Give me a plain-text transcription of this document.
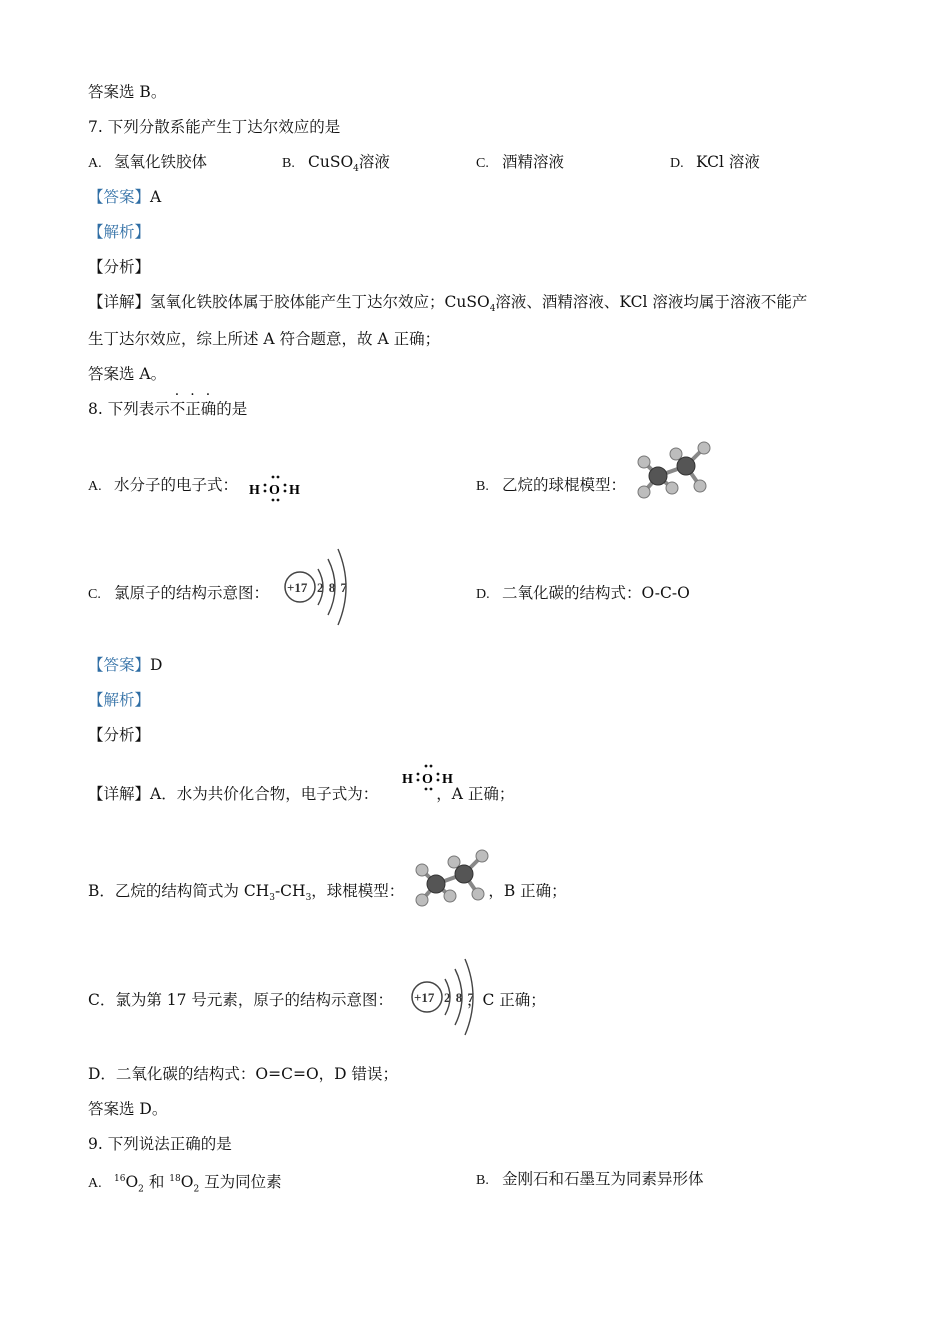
答案选 B。
7. 下列分散系能产生丁达尔效应的是
A. 氢氧化铁胶体	B. CuSO$_4$溶液	C. 酒精溶液	D. KCl 溶液
【答案】A
【解析】
【分析】
【详解】氢氧化铁胶体属于胶体能产生丁达尔效应；CuSO$_4$溶液、酒精溶液、KCl 溶液均属于溶液不能产
生丁达尔效应，综上所述 A 符合题意，故 A 正确；
答案选 A。
8. 下列表示不正确的是
A. 水分子的电子式： H O H	B. 乙烷的球棍模型：
C. 氯原子的结构示意图： +17 2 8 7	D. 二氧化碳的结构式：O-C-O
【答案】D
【解析】
【分析】
【详解】A．水为共价化合物，电子式为：	，A 正确；
H O H
B．乙烷的结构简式为 $CH_3-CH_3$，球棍模型：	，B 正确；
C．氯为第 17 号元素，原子的结构示意图：	，C 正确；
+17 2 8 7
D．二氧化碳的结构式：O=C=O，D 错误；
答案选 D。
9. 下列说法正确的是
A. $^{16}O_2$ 和 $^{18}O_2$ 互为同位素	B. 金刚石和石墨互为同素异形体
